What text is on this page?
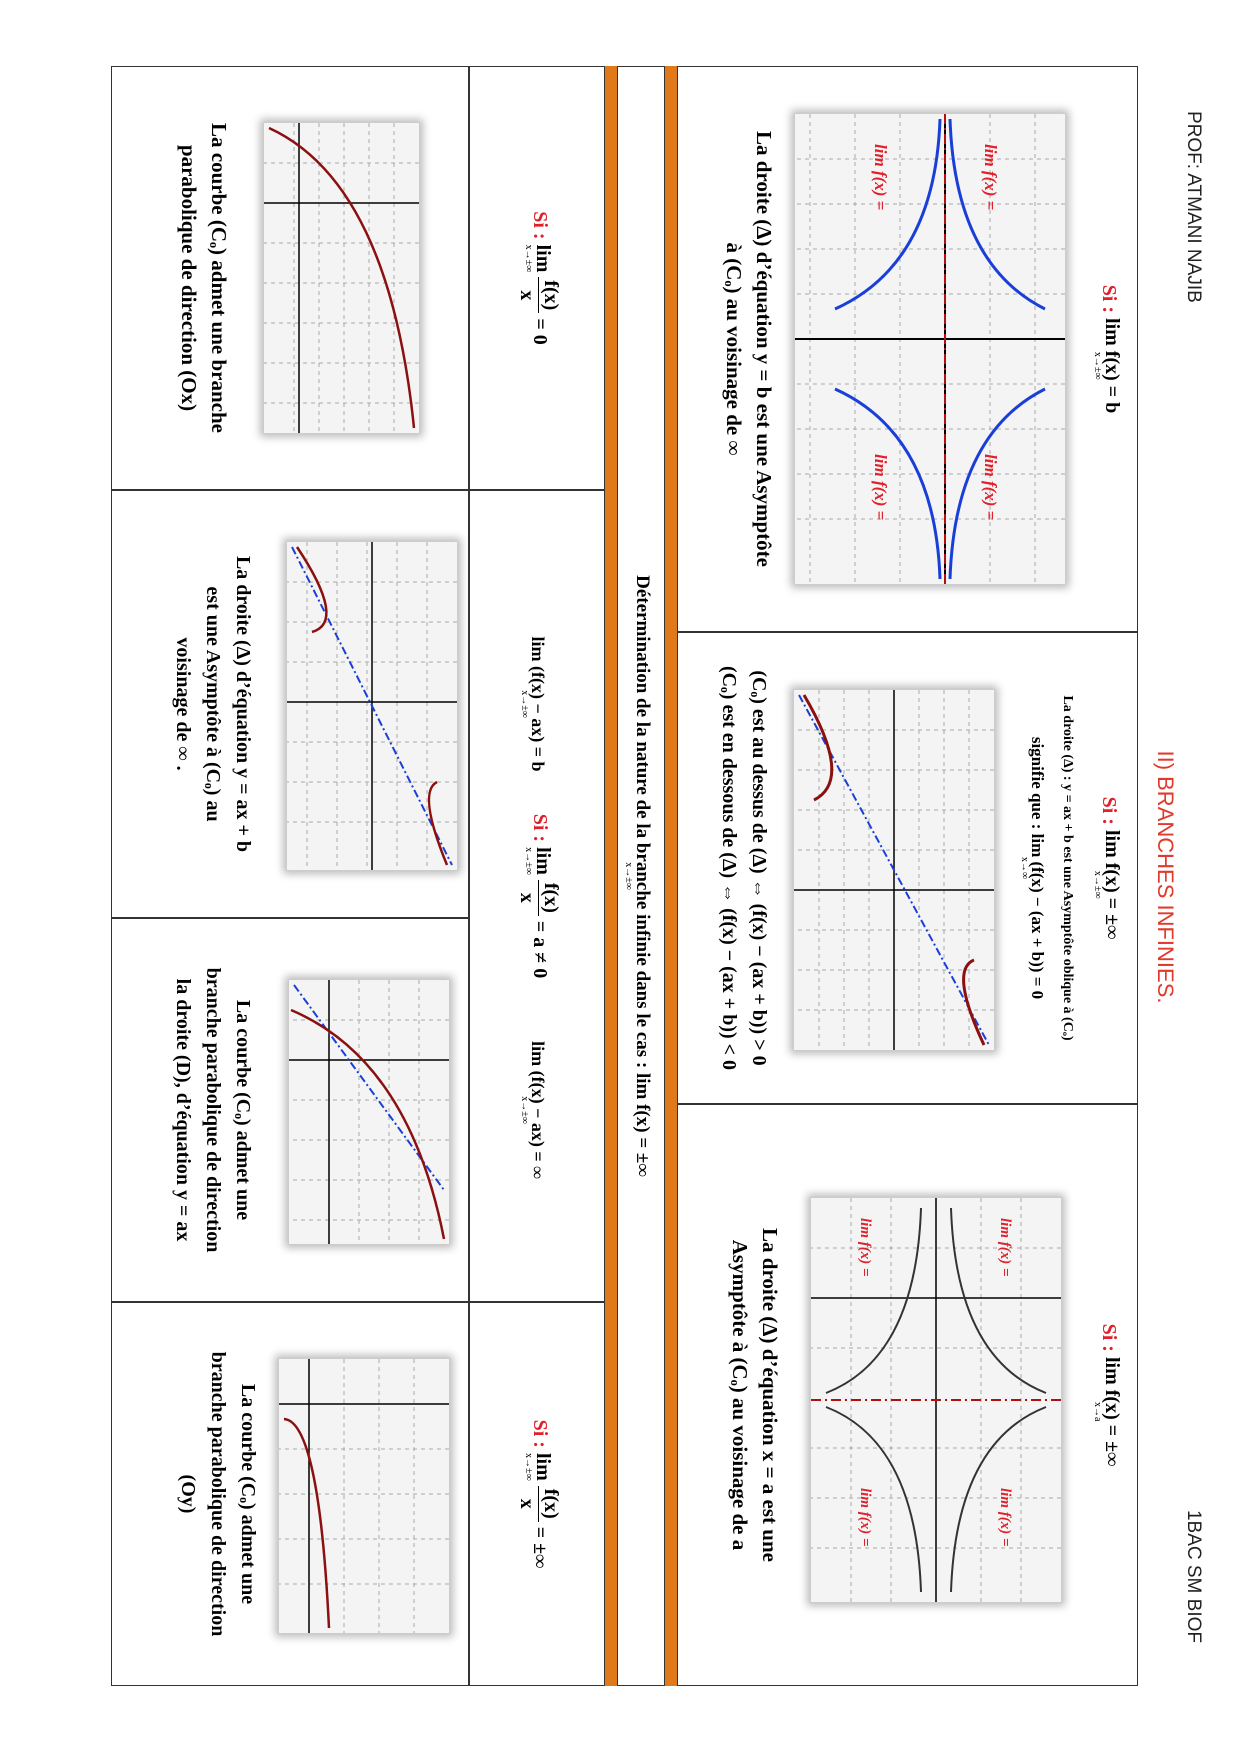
PROF: ATMANI NAJIB
1BAC SM BIOF
II) BRANCHES INFINIES.
Si :
lim f(x) = b
x→±∞
lim f(x) =
lim f(x) =
lim f(x) =
lim f(x) =
La droite (Δ) d’équation y = b est une Asymptôte
à (Cₒ) au voisinage de ∞
Si :
lim f(x) = ±∞
x→±∞
La droite (Δ) : y = ax + b est une Asymptôte oblique à (Cₒ)
signifie que : lim (f(x) − (ax + b)) = 0
x→∞
(Cₒ) est au dessus de (Δ) ⇔ (f(x) − (ax + b)) > 0
(Cₒ) est en dessous de (Δ) ⇔ (f(x) − (ax + b)) < 0
Si :
lim f(x) = ±∞
x→a
lim f(x) =
lim f(x) =
lim f(x) =
lim f(x) =
La droite (Δ) d’équation x = a est une
Asymptôte à (Cₒ) au voisinage de a
Détermination de la nature de la branche infinie dans le cas : lim f(x) = ±∞
x→±∞
Si :
lim
x→±∞

f(x)
x
= 0
La courbe (Cₒ) admet une branche
parabolique de direction (Ox)
Si :
lim
x→±∞

f(x)
x
= a ≠ 0
lim (f(x) − ax) = b
x→±∞
La droite (Δ) d’équation y = ax + b
est une Asymptôte à (Cₒ) au
voisinage de ∞ .
lim (f(x) − ax) = ∞
x→±∞
La courbe (Cₒ) admet une
branche parabolique de direction
la droite (D), d’équation y = ax
Si :
lim
x→±∞

f(x)
x
= ±∞
La courbe (Cₒ) admet une
branche parabolique de direction
(Oy)
